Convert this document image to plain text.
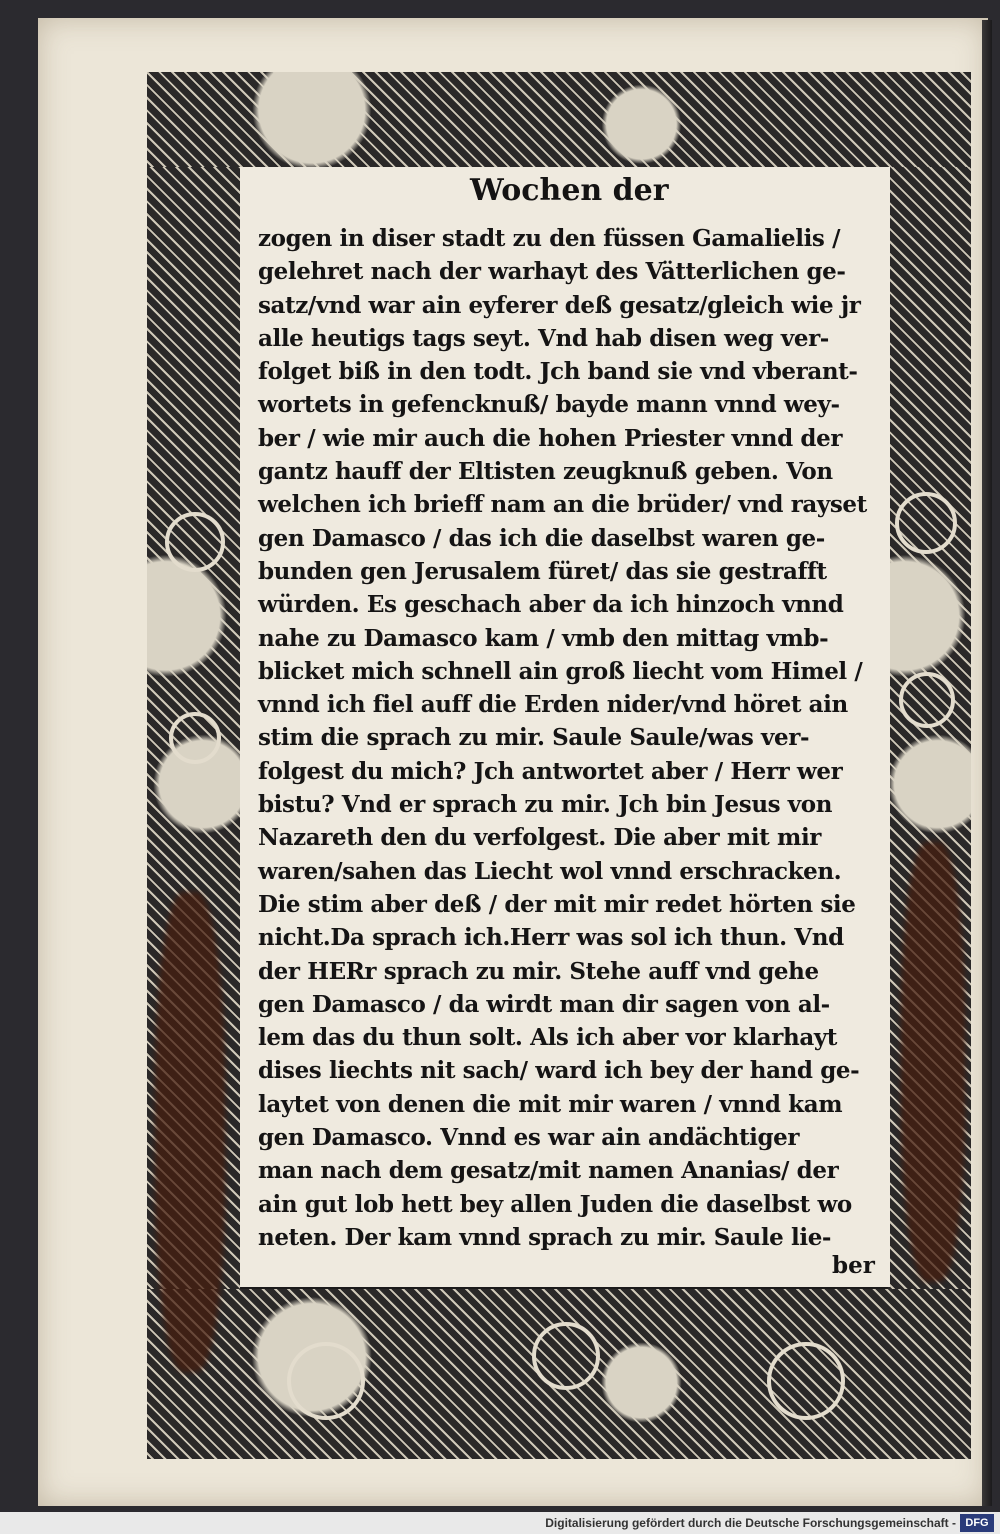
Wochen der
zogen in diser stadt zu den füssen Gamalielis /
gelehret nach der warhayt des Vätterlichen ge-
satz/vnd war ain eyferer deß gesatz/gleich wie jr
alle heutigs tags seyt. Vnd hab disen weg ver-
folget biß in den todt. Jch band sie vnd vberant-
wortets in gefencknuß/ bayde mann vnnd wey-
ber / wie mir auch die hohen Priester vnnd der
gantz hauff der Eltisten zeugknuß geben. Von
welchen ich brieff nam an die brüder/ vnd rayset
gen Damasco / das ich die daselbst waren ge-
bunden gen Jerusalem füret/ das sie gestrafft
würden. Es geschach aber da ich hinzoch vnnd
nahe zu Damasco kam / vmb den mittag vmb-
blicket mich schnell ain groß liecht vom Himel /
vnnd ich fiel auff die Erden nider/vnd höret ain
stim die sprach zu mir. Saule Saule/was ver-
folgest du mich? Jch antwortet aber / Herr wer
bistu? Vnd er sprach zu mir. Jch bin Jesus von
Nazareth den du verfolgest. Die aber mit mir
waren/sahen das Liecht wol vnnd erschracken.
Die stim aber deß / der mit mir redet hörten sie
nicht.Da sprach ich.Herr was sol ich thun. Vnd
der HERr sprach zu mir. Stehe auff vnd gehe
gen Damasco / da wirdt man dir sagen von al-
lem das du thun solt. Als ich aber vor klarhayt
dises liechts nit sach/ ward ich bey der hand ge-
laytet von denen die mit mir waren / vnnd kam
gen Damasco. Vnnd es war ain andächtiger
man nach dem gesatz/mit namen Ananias/ der
ain gut lob hett bey allen Juden die daselbst wo
neten. Der kam vnnd sprach zu mir. Saule lie-
ber
Digitalisierung gefördert durch die Deutsche Forschungsgemeinschaft - DFG
